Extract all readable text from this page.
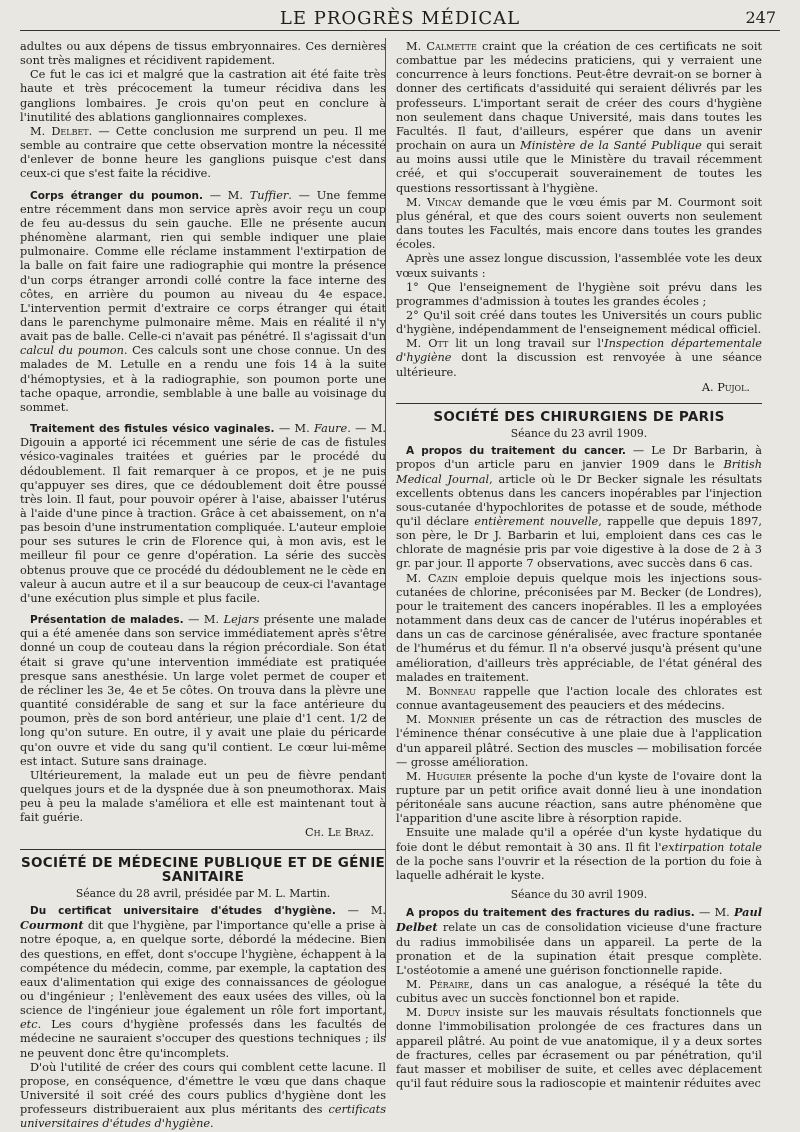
LE PROGRÈS MÉDICAL	247

adultes ou aux dépens de tissus embryonnaires. Ces dernières sont très malignes et récidivent rapidement.

Ce fut le cas ici et malgré que la castration ait été faite très haute et très précocement la tumeur récidiva dans les ganglions lombaires. Je crois qu'on peut en conclure à l'inutilité des ablations ganglionnaires complexes.

M. Delbet. — Cette conclusion me surprend un peu. Il me semble au contraire que cette observation montre la nécessité d'enlever de bonne heure les ganglions puisque c'est dans ceux-ci que s'est faite la récidive.

Corps étranger du poumon. — M. Tuffier. — Une femme entre récemment dans mon service après avoir reçu un coup de feu au-dessus du sein gauche. Elle ne présente aucun phénomène alarmant, rien qui semble indiquer une plaie pulmonaire. Comme elle réclame instamment l'extirpation de la balle on fait faire une radiographie qui montre la présence d'un corps étranger arrondi collé contre la face interne des côtes, en arrière du poumon au niveau du 4e espace. L'intervention permit d'extraire ce corps étranger qui était dans le parenchyme pulmonaire même. Mais en réalité il n'y avait pas de balle. Celle-ci n'avait pas pénétré. Il s'agissait d'un calcul du poumon. Ces calculs sont une chose connue. Un des malades de M. Letulle en a rendu une fois 14 à la suite d'hémoptysies, et à la radiographie, son poumon porte une tache opaque, arrondie, semblable à une balle au voisinage du sommet.

Traitement des fistules vésico vaginales. — M. Faure. — M. Digouin a apporté ici récemment une série de cas de fistules vésico-vaginales traitées et guéries par le procédé du dédoublement. Il fait remarquer à ce propos, et je ne puis qu'appuyer ses dires, que ce dédoublement doit être poussé très loin. Il faut, pour pouvoir opérer à l'aise, abaisser l'utérus à l'aide d'une pince à traction. Grâce à cet abaissement, on n'a pas besoin d'une instrumentation compliquée. L'auteur emploie pour ses sutures le crin de Florence qui, à mon avis, est le meilleur fil pour ce genre d'opération. La série des succès obtenus prouve que ce procédé du dédoublement ne le cède en valeur à aucun autre et il a sur beaucoup de ceux-ci l'avantage d'une exécution plus simple et plus facile.

Présentation de malades. — M. Lejars présente une malade qui a été amenée dans son service immédiatement après s'être donné un coup de couteau dans la région précordiale. Son état était si grave qu'une intervention immédiate est pratiquée presque sans anesthésie. Un large volet permet de couper et de récliner les 3e, 4e et 5e côtes. On trouva dans la plèvre une quantité considérable de sang et sur la face antérieure du poumon, près de son bord antérieur, une plaie d'1 cent. 1/2 de long qu'on suture. En outre, il y avait une plaie du péricarde qu'on ouvre et vide du sang qu'il contient. Le cœur lui-même est intact. Suture sans drainage.

Ultérieurement, la malade eut un peu de fièvre pendant quelques jours et de la dyspnée due à son pneumothorax. Mais peu à peu la malade s'améliora et elle est maintenant tout à fait guérie.

Ch. Le Braz.
SOCIÉTÉ DE MÉDECINE PUBLIQUE ET DE GÉNIE SANITAIRE
Séance du 28 avril, présidée par M. L. Martin.

Du certificat universitaire d'études d'hygiène. — M. Courmont dit que l'hygiène, par l'importance qu'elle a prise à notre époque, a, en quelque sorte, débordé la médecine. Bien des questions, en effet, dont s'occupe l'hygiène, échappent à la compétence du médecin, comme, par exemple, la captation des eaux d'alimentation qui exige des connaissances de géologue ou d'ingénieur ; l'enlèvement des eaux usées des villes, où la science de l'ingénieur joue également un rôle fort important, etc. Les cours d'hygiène professés dans les facultés de médecine ne sauraient s'occuper des questions techniques ; ils ne peuvent donc être qu'incomplets.

D'où l'utilité de créer des cours qui comblent cette lacune. Il propose, en conséquence, d'émettre le vœu que dans chaque Université il soit créé des cours publics d'hygiène dont les professeurs distribueraient aux plus méritants des certificats universitaires d'études d'hygiène.

M. Calmette craint que la création de ces certificats ne soit combattue par les médecins praticiens, qui y verraient une concurrence à leurs fonctions. Peut-être devrait-on se borner à donner des certificats d'assiduité qui seraient délivrés par les professeurs. L'important serait de créer des cours d'hygiène non seulement dans chaque Université, mais dans toutes les Facultés. Il faut, d'ailleurs, espérer que dans un avenir prochain on aura un Ministère de la Santé Publique qui serait au moins aussi utile que le Ministère du travail récemment créé, et qui s'occuperait souverainement de toutes les questions ressortissant à l'hygiène.

M. Vincay demande que le vœu émis par M. Courmont soit plus général, et que des cours soient ouverts non seulement dans toutes les Facultés, mais encore dans toutes les grandes écoles.

Après une assez longue discussion, l'assemblée vote les deux vœux suivants :

1° Que l'enseignement de l'hygiène soit prévu dans les programmes d'admission à toutes les grandes écoles ;

2° Qu'il soit créé dans toutes les Universités un cours public d'hygiène, indépendamment de l'enseignement médical officiel.

M. Ott lit un long travail sur l'Inspection départementale d'hygiène dont la discussion est renvoyée à une séance ultérieure.

A. Pujol.
SOCIÉTÉ DES CHIRURGIENS DE PARIS
Séance du 23 avril 1909.

A propos du traitement du cancer. — Le Dr Barbarin, à propos d'un article paru en janvier 1909 dans le British Medical Journal, article où le Dr Becker signale les résultats excellents obtenus dans les cancers inopérables par l'injection sous-cutanée d'hypochlorites de potasse et de soude, méthode qu'il déclare entièrement nouvelle, rappelle que depuis 1897, son père, le Dr J. Barbarin et lui, emploient dans ces cas le chlorate de magnésie pris par voie digestive à la dose de 2 à 3 gr. par jour. Il apporte 7 observations, avec succès dans 6 cas.

M. Cazin emploie depuis quelque mois les injections sous-cutanées de chlorine, préconisées par M. Becker (de Londres), pour le traitement des cancers inopérables. Il les a employées notamment dans deux cas de cancer de l'utérus inopérables et dans un cas de carcinose généralisée, avec fracture spontanée de l'humérus et du fémur. Il n'a observé jusqu'à présent qu'une amélioration, d'ailleurs très appréciable, de l'état général des malades en traitement.

M. Bonneau rappelle que l'action locale des chlorates est connue avantageusement des peauciers et des médecins.

M. Monnier présente un cas de rétraction des muscles de l'éminence thénar consécutive à une plaie due à l'application d'un appareil plâtré. Section des muscles — mobilisation forcée — grosse amélioration.

M. Huguier présente la poche d'un kyste de l'ovaire dont la rupture par un petit orifice avait donné lieu à une inondation péritonéale sans aucune réaction, sans autre phénomène que l'apparition d'une ascite libre à résorption rapide.

Ensuite une malade qu'il a opérée d'un kyste hydatique du foie dont le début remontait à 30 ans. Il fit l'extirpation totale de la poche sans l'ouvrir et la résection de la portion du foie à laquelle adhérait le kyste.

Séance du 30 avril 1909.

A propos du traitement des fractures du radius. — M. Paul Delbet relate un cas de consolidation vicieuse d'une fracture du radius immobilisée dans un appareil. La perte de la pronation et de la supination était presque complète. L'ostéotomie a amené une guérison fonctionnelle rapide.

M. Péraire, dans un cas analogue, a réséqué la tête du cubitus avec un succès fonctionnel bon et rapide.

M. Dupuy insiste sur les mauvais résultats fonctionnels que donne l'immobilisation prolongée de ces fractures dans un appareil plâtré. Au point de vue anatomique, il y a deux sortes de fractures, celles par écrasement ou par pénétration, qu'il faut masser et mobiliser de suite, et celles avec déplacement qu'il faut réduire sous la radioscopie et maintenir réduites avec
